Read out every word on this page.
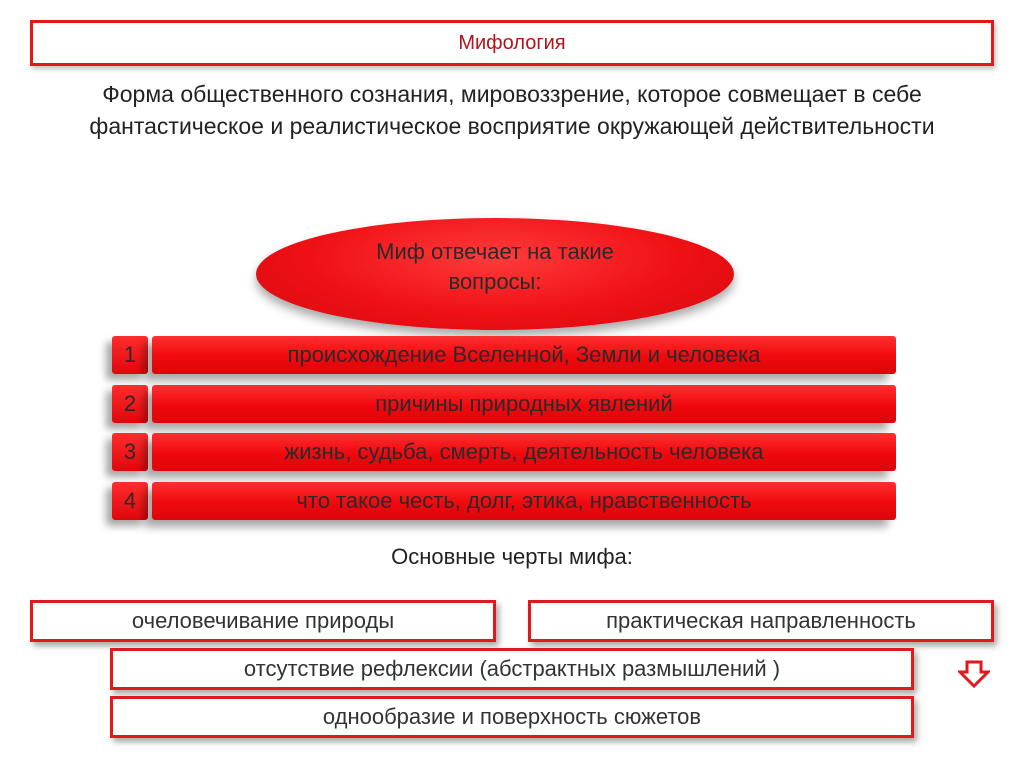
Мифология
Форма общественного сознания, мировоззрение, которое совмещает в себе фантастическое и реалистическое восприятие окружающей действительности
Миф отвечает на такие вопросы:
1	происхождение Вселенной, Земли и человека
2	причины природных явлений
3	жизнь, судьба, смерть, деятельность человека
4	что такое честь, долг, этика, нравственность
Основные черты мифа:
очеловечивание природы	практическая направленность
отсутствие рефлексии (абстрактных размышлений )
однообразие и поверхность сюжетов
